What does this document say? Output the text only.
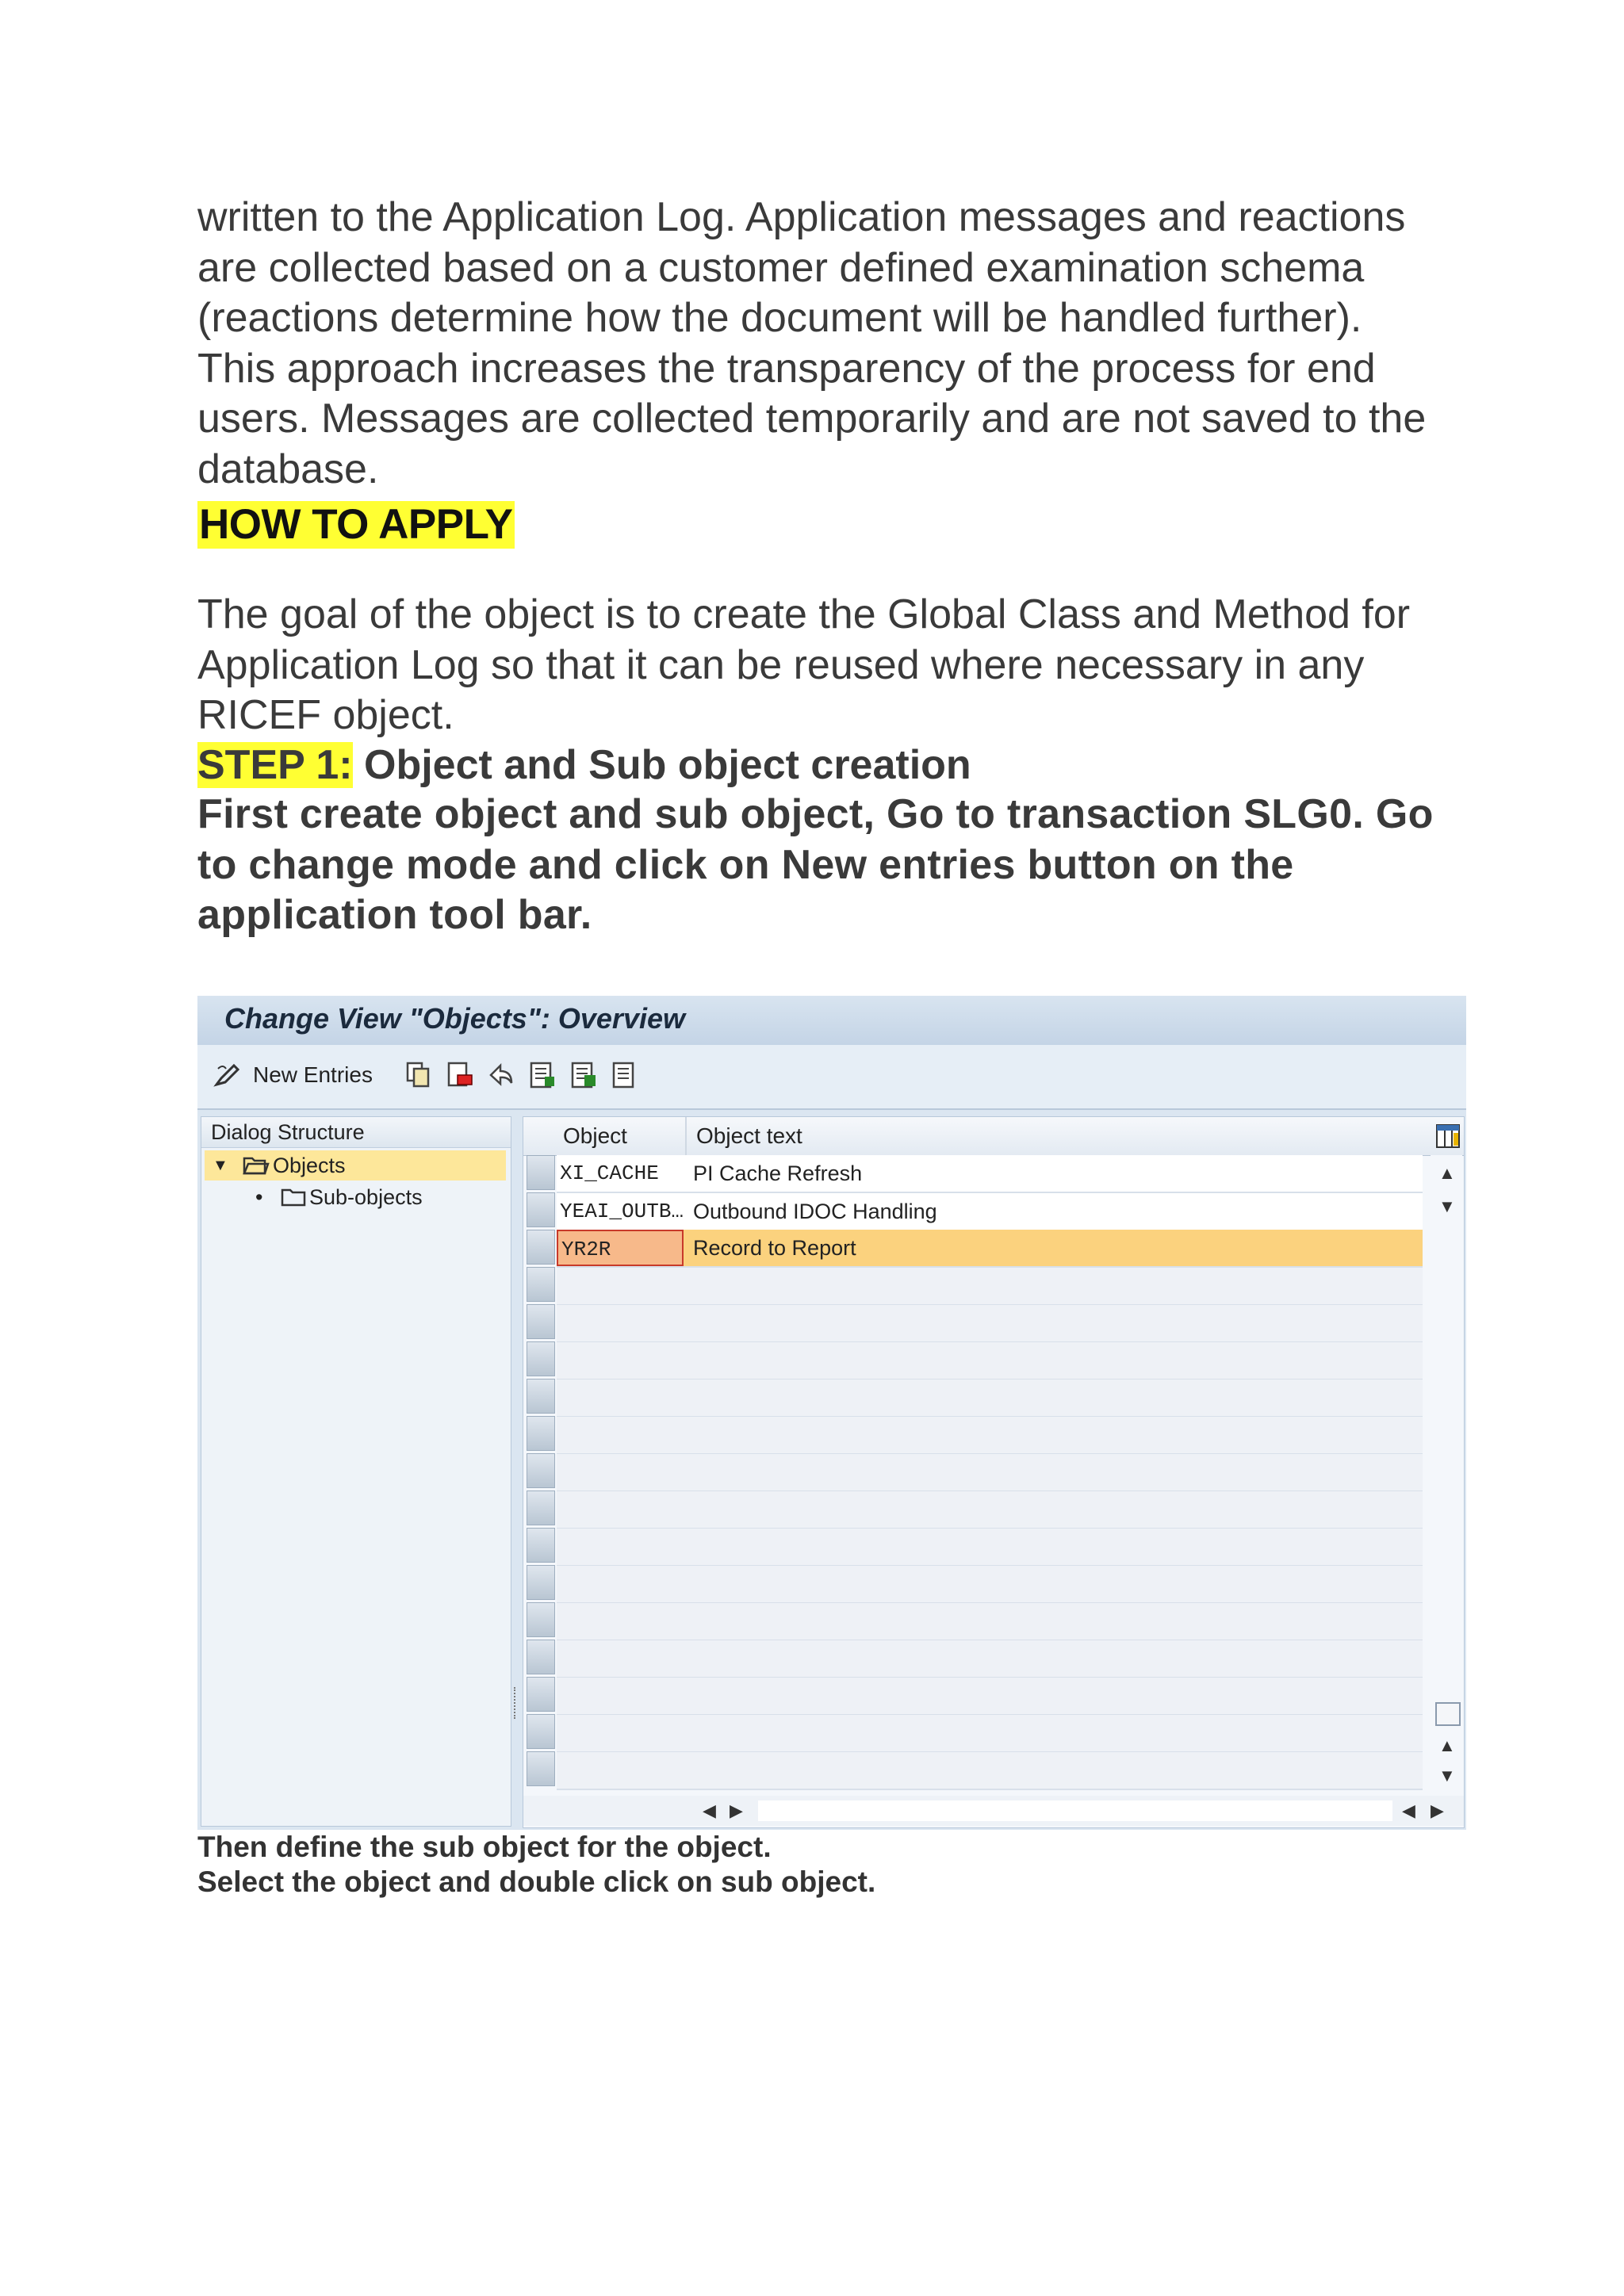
written to the Application Log. Application messages and reactions are collected based on a customer defined examination schema (reactions determine how the document will be handled further). This approach increases the transparency of the process for end users. Messages are collected temporarily and are not saved to the database.
HOW TO APPLY
The goal of the object is to create the Global Class and Method for Application Log so that it can be reused where necessary in any RICEF object.
STEP 1: Object and Sub object creation
First create object and sub object, Go to transaction SLG0. Go to change mode and click on New entries button on the application tool bar.
Change View "Objects": Overview
New Entries
Dialog Structure
▼ Objects
• Sub-objects
Object	Object text
XI_CACHE	PI Cache Refresh
YEAI_OUTB… Outbound IDOC Handling
YR2R	Record to Report
▲
▼
▲
▼
◀ ▶	◀ ▶
Then define the sub object for the object.
Select the object and double click on sub object.
